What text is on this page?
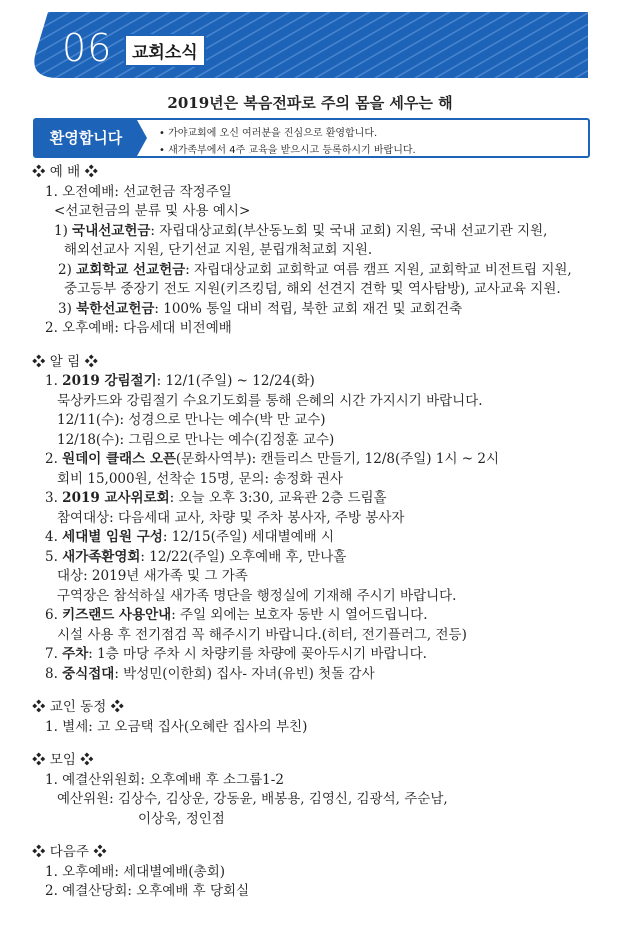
06	교회소식
2019년은 복음전파로 주의 몸을 세우는 해
환영합니다	• 가야교회에 오신 여러분을 진심으로 환영합니다.
• 새가족부에서 4주 교육을 받으시고 등록하시기 바랍니다.
❖ 예 배 ❖
1. 오전예배: 선교헌금 작정주일
<선교헌금의 분류 및 사용 예시>
1) 국내선교헌금: 자립대상교회(부산동노회 및 국내 교회) 지원, 국내 선교기관 지원,
해외선교사 지원, 단기선교 지원, 분립개척교회 지원.
2) 교회학교 선교헌금: 자립대상교회 교회학교 여름 캠프 지원, 교회학교 비전트립 지원,
중고등부 중장기 전도 지원(키즈킹덤, 해외 선견지 견학 및 역사탐방), 교사교육 지원.
3) 북한선교헌금: 100% 통일 대비 적립, 북한 교회 재건 및 교회건축
2. 오후예배: 다음세대 비전예배
❖ 알 림 ❖
1. 2019 강림절기: 12/1(주일) ~ 12/24(화)
묵상카드와 강림절기 수요기도회를 통해 은혜의 시간 가지시기 바랍니다.
12/11(수): 성경으로 만나는 예수(박 만 교수)
12/18(수): 그림으로 만나는 예수(김정훈 교수)
2. 원데이 클래스 오픈(문화사역부): 캔들리스 만들기, 12/8(주일) 1시 ~ 2시
회비 15,000원, 선착순 15명, 문의: 송정화 권사
3. 2019 교사위로회: 오늘 오후 3:30, 교육관 2층 드림홀
참여대상: 다음세대 교사, 차량 및 주차 봉사자, 주방 봉사자
4. 세대별 임원 구성: 12/15(주일) 세대별예배 시
5. 새가족환영회: 12/22(주일) 오후예배 후, 만나홀
대상: 2019년 새가족 및 그 가족
구역장은 참석하실 새가족 명단을 행정실에 기재해 주시기 바랍니다.
6. 키즈랜드 사용안내: 주일 외에는 보호자 동반 시 열어드립니다.
시설 사용 후 전기점검 꼭 해주시기 바랍니다.(히터, 전기플러그, 전등)
7. 주차: 1층 마당 주차 시 차량키를 차량에 꽂아두시기 바랍니다.
8. 중식접대: 박성민(이한희) 집사- 자녀(유빈) 첫돌 감사
❖ 교인 동정 ❖
1. 별세: 고 오금택 집사(오혜란 집사의 부친)
❖ 모임 ❖
1. 예결산위원회: 오후예배 후 소그룹1-2
예산위원: 김상수, 김상운, 강동윤, 배봉용, 김영신, 김광석, 주순남,
이상욱, 정인점
❖ 다음주 ❖
1. 오후예배: 세대별예배(총회)
2. 예결산당회: 오후예배 후 당회실
